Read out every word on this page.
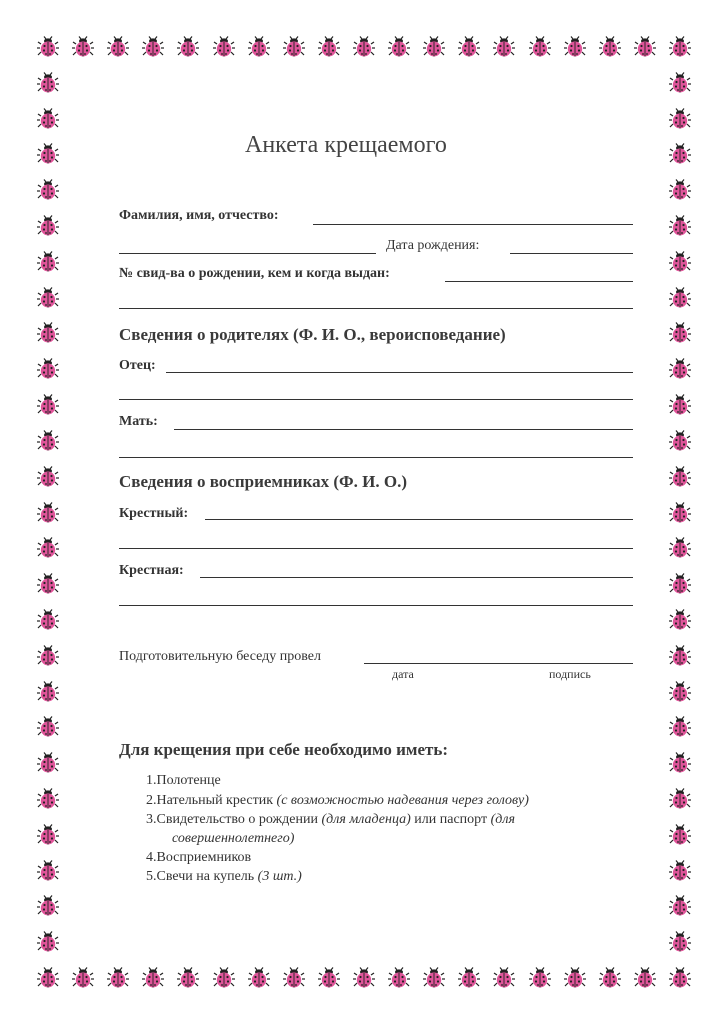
Анкета крещаемого
Фамилия, имя, отчество:
Дата рождения:
№ свид-ва о рождении, кем и когда выдан:
Сведения о родителях (Ф. И. О., вероисповедание)
Отец:
Мать:
Сведения о восприемниках (Ф. И. О.)
Крестный:
Крестная:
Подготовительную беседу провел
дата	подпись
Для крещения при себе необходимо иметь:
1.Полотенце
2.Нательный крестик (с возможностью надевания через голову)
3.Свидетельство о рождении (для младенца) или паспорт (для
совершеннолетнего)
4.Восприемников
5.Свечи на купель (3 шт.)
